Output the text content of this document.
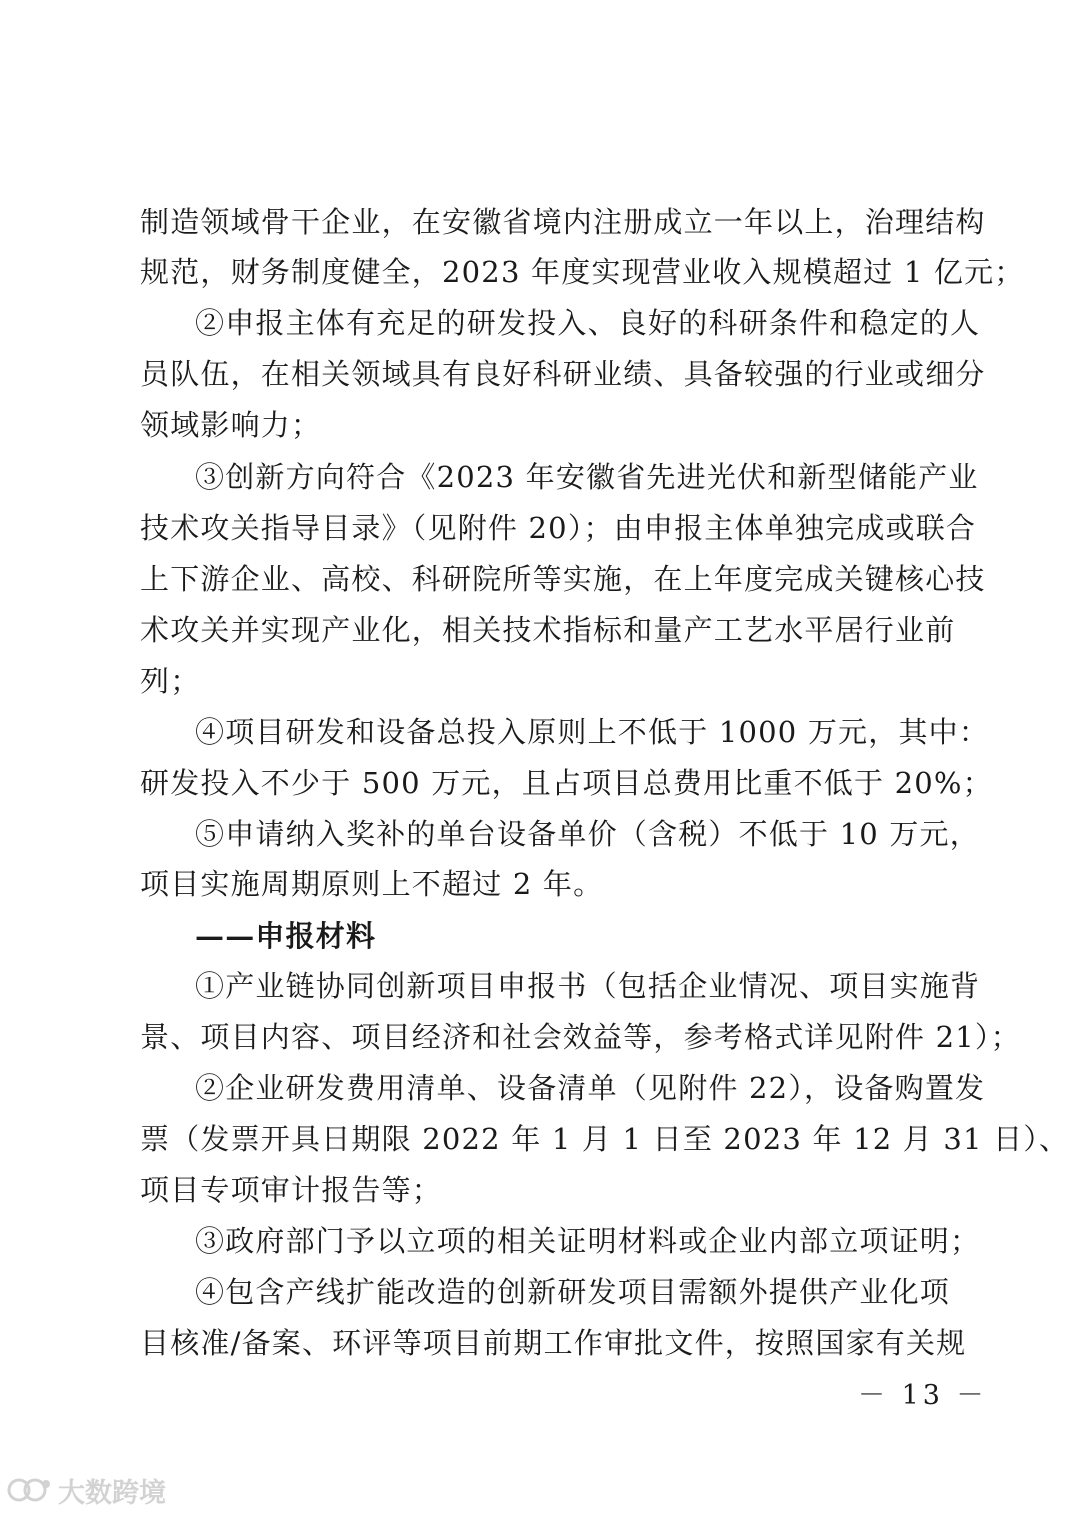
制造领域骨干企业，在安徽省境内注册成立一年以上，治理结构
规范，财务制度健全，2023 年度实现营业收入规模超过 1 亿元；
②申报主体有充足的研发投入、良好的科研条件和稳定的人
员队伍，在相关领域具有良好科研业绩、具备较强的行业或细分
领域影响力；
③创新方向符合《2023 年安徽省先进光伏和新型储能产业
技术攻关指导目录》（见附件 20）；由申报主体单独完成或联合
上下游企业、高校、科研院所等实施，在上年度完成关键核心技
术攻关并实现产业化，相关技术指标和量产工艺水平居行业前
列；
④项目研发和设备总投入原则上不低于 1000 万元，其中：
研发投入不少于 500 万元，且占项目总费用比重不低于 20%；
⑤申请纳入奖补的单台设备单价（含税）不低于 10 万元，
项目实施周期原则上不超过 2 年。
——申报材料
①产业链协同创新项目申报书（包括企业情况、项目实施背
景、项目内容、项目经济和社会效益等，参考格式详见附件 21）；
②企业研发费用清单、设备清单（见附件 22），设备购置发
票（发票开具日期限 2022 年 1 月 1 日至 2023 年 12 月 31 日）、
项目专项审计报告等；
③政府部门予以立项的相关证明材料或企业内部立项证明；
④包含产线扩能改造的创新研发项目需额外提供产业化项
目核准/备案、环评等项目前期工作审批文件，按照国家有关规
－ 13 －
大数跨境
